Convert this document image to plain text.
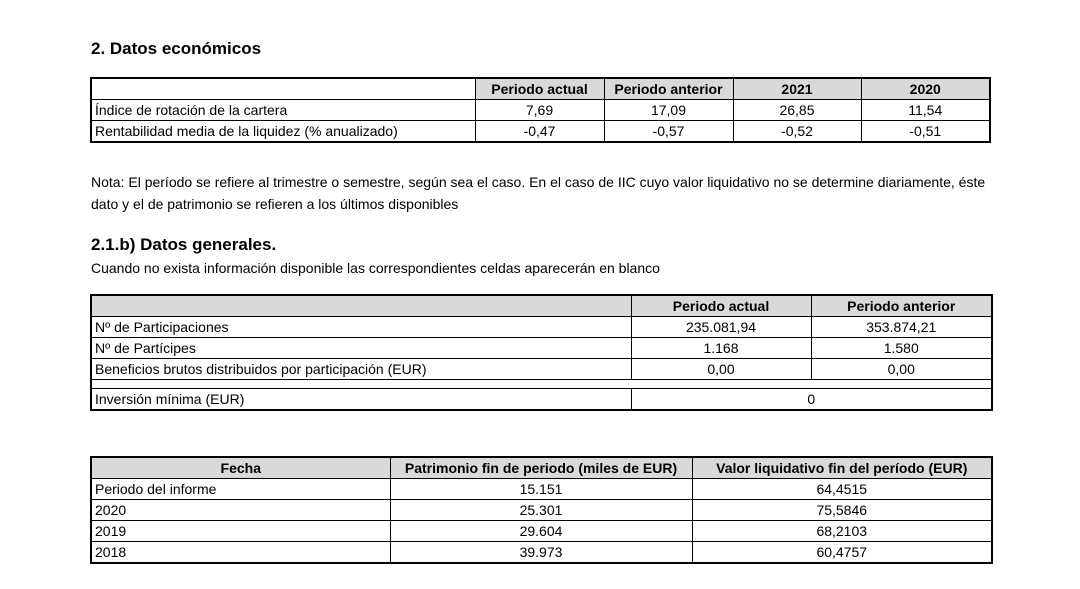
2. Datos económicos
	Periodo actual	Periodo anterior	2021	2020
Índice de rotación de la cartera	7,69	17,09	26,85	11,54
Rentabilidad media de la liquidez (% anualizado)	-0,47	-0,57	-0,52	-0,51
Nota: El período se refiere al trimestre o semestre, según sea el caso. En el caso de IIC cuyo valor liquidativo no se determine diariamente, éste dato y el de patrimonio se refieren a los últimos disponibles
2.1.b) Datos generales.
Cuando no exista información disponible las correspondientes celdas aparecerán en blanco
	Periodo actual	Periodo anterior
Nº de Participaciones	235.081,94	353.874,21
Nº de Partícipes	1.168	1.580
Beneficios brutos distribuidos por participación (EUR)	0,00	0,00

Inversión mínima (EUR)	0	
Fecha	Patrimonio fin de periodo (miles de EUR)	Valor liquidativo fin del período (EUR)
Periodo del informe	15.151	64,4515
2020	25.301	75,5846
2019	29.604	68,2103
2018	39.973	60,4757
